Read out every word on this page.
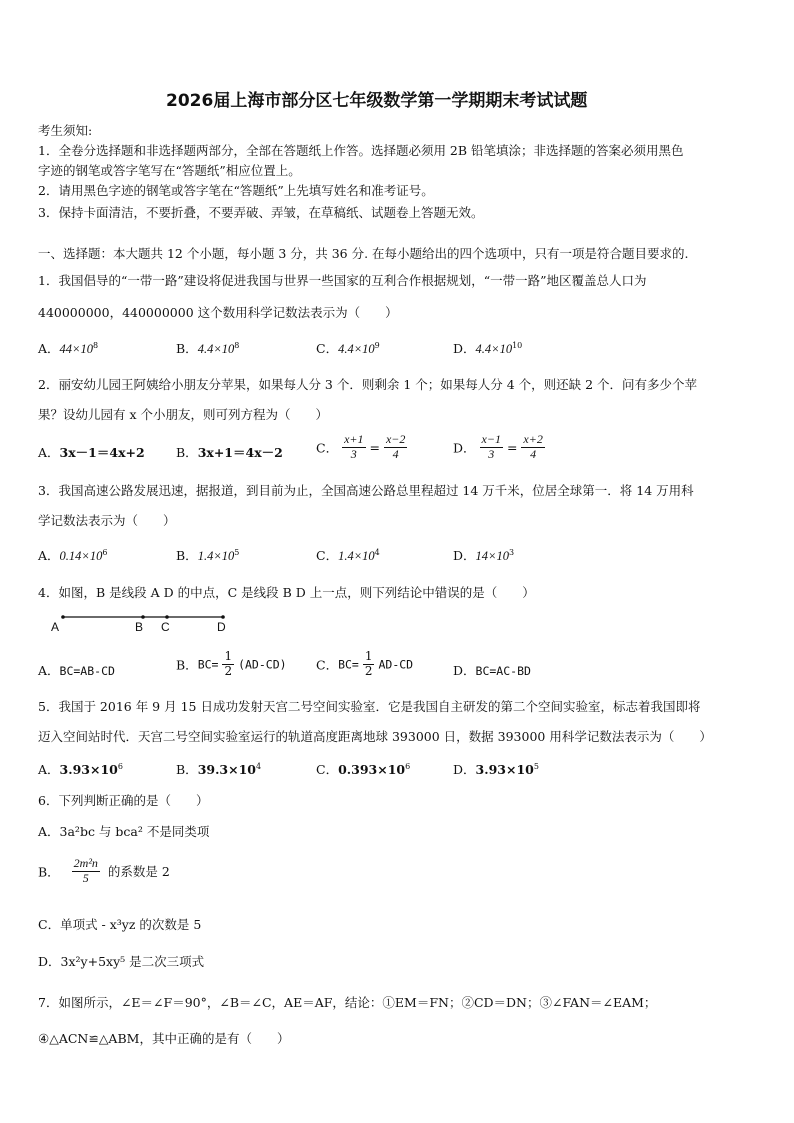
2026届上海市部分区七年级数学第一学期期末考试试题
考生须知:
1．全卷分选择题和非选择题两部分，全部在答题纸上作答。选择题必须用 2B 铅笔填涂；非选择题的答案必须用黑色
字迹的钢笔或答字笔写在“答题纸”相应位置上。
2．请用黑色字迹的钢笔或答字笔在“答题纸”上先填写姓名和准考证号。
3．保持卡面清洁，不要折叠，不要弄破、弄皱，在草稿纸、试题卷上答题无效。
一、选择题：本大题共 12 个小题，每小题 3 分，共 36 分. 在每小题给出的四个选项中，只有一项是符合题目要求的.
1．我国倡导的“一带一路”建设将促进我国与世界一些国家的互利合作根据规划，“一带一路”地区覆盖总人口为
440000000，440000000 这个数用科学记数法表示为（　　）
A．$44\times 10^8$	B．$4.4\times 10^8$	C．$4.4\times 10^9$	D．$4.4\times 10^{10}$
2．丽安幼儿园王阿姨给小朋友分苹果，如果每人分 3 个．则剩余 1 个；如果每人分 4 个，则还缺 2 个．问有多少个苹
果？设幼儿园有 x 个小朋友，则可列方程为（　　）
A．3x－1＝4x+2	B．3x+1＝4x－2	C． $\frac{x+1}{3} = \frac{x-2}{4}$	D． $\frac{x-1}{3} = \frac{x+2}{4}$
3．我国高速公路发展迅速，据报道，到目前为止，全国高速公路总里程超过 14 万千米，位居全球第一．将 14 万用科
学记数法表示为（　　）
A．$0.14\times 10^6$	B．$1.4\times 10^5$	C．$1.4\times 10^4$	D．$14\times 10^3$
4．如图，B 是线段 A D 的中点，C 是线段 B D 上一点，则下列结论中错误的是（　　）
A	B C	D
A．BC=AB-CD	B．$BC= \frac{1}{2} (AD-CD)$ C．$BC= \frac{1}{2} AD-CD$	D．BC=AC-BD
5．我国于 2016 年 9 月 15 日成功发射天宫二号空间实验室．它是我国自主研发的第二个空间实验室，标志着我国即将
迈入空间站时代．天宫二号空间实验室运行的轨道高度距离地球 393000 日，数据 393000 用科学记数法表示为（　　）
A．$3.93\times 10^6$	B．$39.3\times 10^4$	C．$0.393\times 10^6$	D．$3.93\times 10^5$
6．下列判断正确的是（　　）
A．3a²bc 与 bca² 不是同类项
B． $\frac{\text{2m²n}}{5}$ 的系数是 2
C．单项式 - x³yz 的次数是 5
D．3x²y+5xy⁵ 是二次三项式
7．如图所示，∠E＝∠F＝90°，∠B＝∠C，AE＝AF，结论：①EM＝FN；②CD＝DN；③∠FAN＝∠EAM；
④△ACN≌△ABM，其中正确的是有（　　）
